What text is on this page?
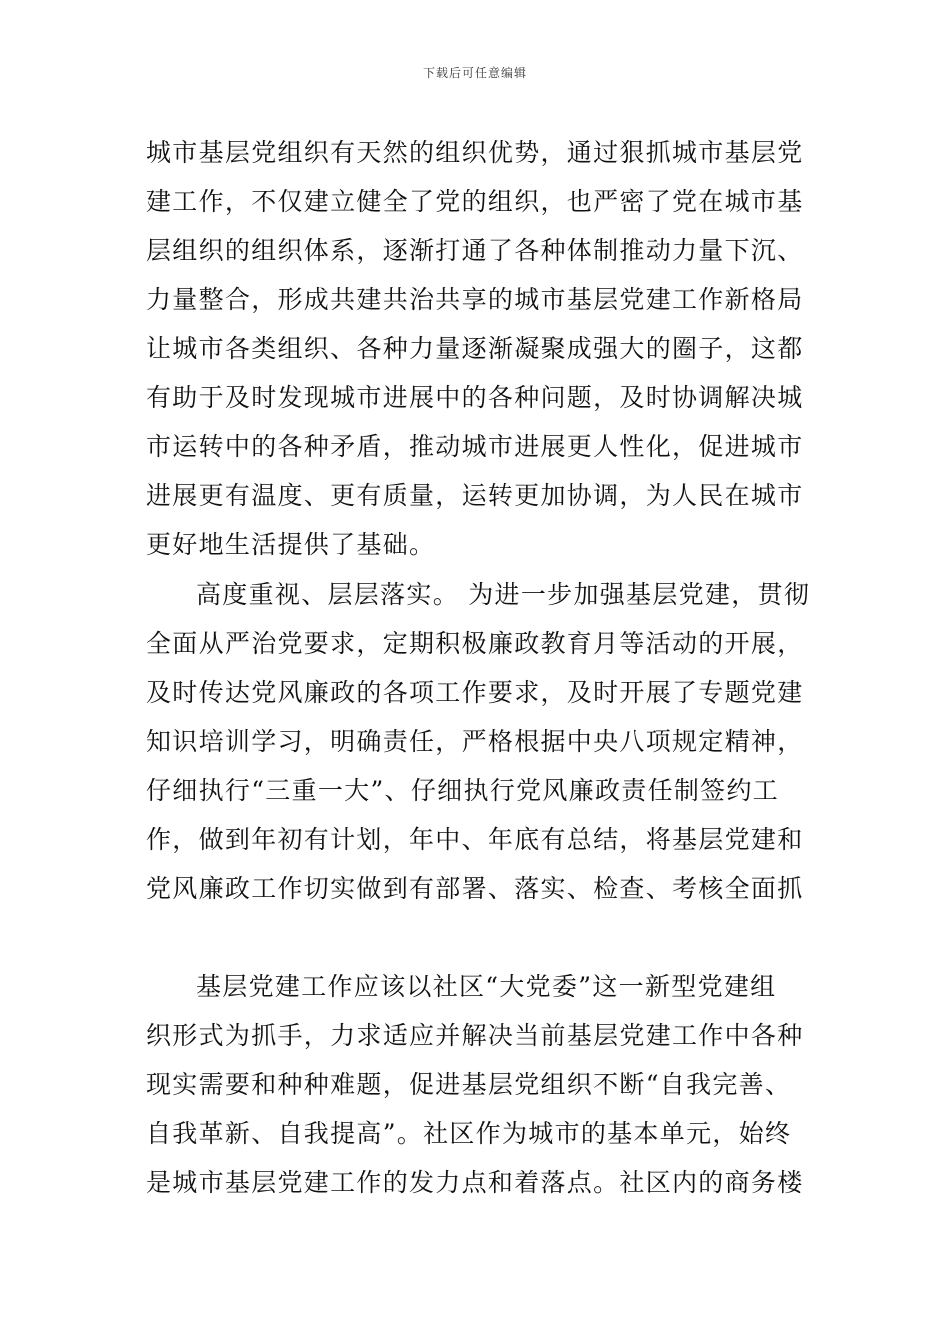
下载后可任意编辑
城市基层党组织有天然的组织优势，通过狠抓城市基层党
建工作，不仅建立健全了党的组织，也严密了党在城市基
层组织的组织体系，逐渐打通了各种体制推动力量下沉、
力量整合，形成共建共治共享的城市基层党建工作新格局
让城市各类组织、各种力量逐渐凝聚成强大的圈子，这都
有助于及时发现城市进展中的各种问题，及时协调解决城
市运转中的各种矛盾，推动城市进展更人性化，促进城市
进展更有温度、更有质量，运转更加协调，为人民在城市
更好地生活提供了基础。
高度重视、层层落实。 为进一步加强基层党建，贯彻
全面从严治党要求，定期积极廉政教育月等活动的开展，
及时传达党风廉政的各项工作要求，及时开展了专题党建
知识培训学习，明确责任，严格根据中央八项规定精神，
仔细执行“三重一大”、仔细执行党风廉政责任制签约工
作，做到年初有计划，年中、年底有总结，将基层党建和
党风廉政工作切实做到有部署、落实、检查、考核全面抓
基层党建工作应该以社区“大党委”这一新型党建组
织形式为抓手，力求适应并解决当前基层党建工作中各种
现实需要和种种难题，促进基层党组织不断“自我完善、
自我革新、自我提高”。社区作为城市的基本单元，始终
是城市基层党建工作的发力点和着落点。社区内的商务楼
